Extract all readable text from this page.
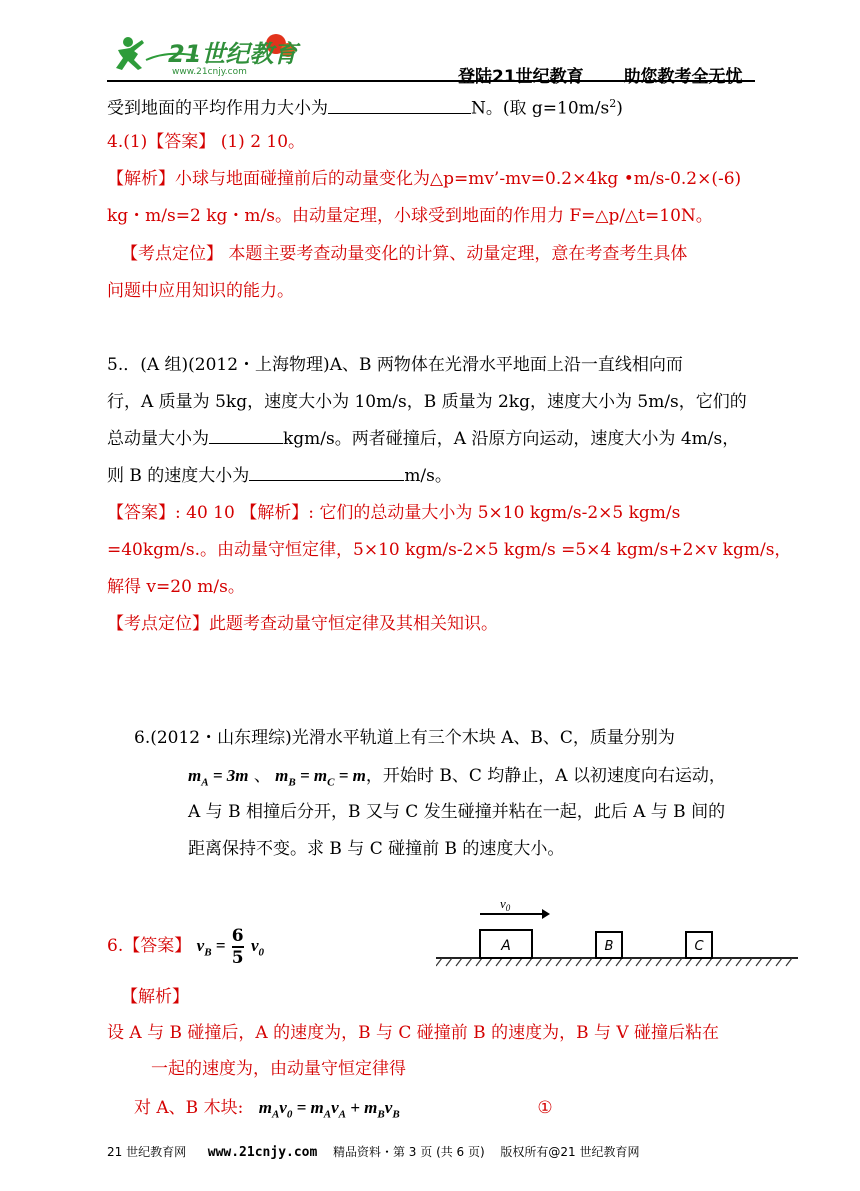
21世纪教育
www.21cnjy.com	登陆21世纪教育 助您教考全无忧
受到地面的平均作用力大小为	N。(取 $g=10m/s^2$)
4.(1)【答案】 (1) 2 10。
【解析】小球与地面碰撞前后的动量变化为△p=mv’-mv=0.2×4kg •m/s-0.2×(-6)
kg・m/s=2 kg・m/s。由动量定理，小球受到地面的作用力 F=△p/△t=10N。
【考点定位】 本题主要考查动量变化的计算、动量定理，意在考查考生具体
问题中应用知识的能力。
5.．(A 组)(2012・上海物理)A、B 两物体在光滑水平地面上沿一直线相向而
行，A 质量为 5kg，速度大小为 10m/s，B 质量为 2kg，速度大小为 5m/s，它们的
总动量大小为	kgm/s。两者碰撞后，A 沿原方向运动，速度大小为 4m/s，
则 B 的速度大小为	m/s。
【答案】: 40 10 【解析】: 它们的总动量大小为 5×10 kgm/s-2×5 kgm/s
=40kgm/s.。由动量守恒定律，5×10 kgm/s-2×5 kgm/s =5×4 kgm/s+2×v kgm/s，
解得 v=20 m/s。
【考点定位】此题考查动量守恒定律及其相关知识。
6.(2012・山东理综)光滑水平轨道上有三个木块 A、B、C，质量分别为
$m_A = 3m$ 、 $m_B = m_C = m$，开始时 B、C 均静止，A 以初速度向右运动，
A 与 B 相撞后分开，B 又与 C 发生碰撞并粘在一起，此后 A 与 B 间的
距离保持不变。求 B 与 C 碰撞前 B 的速度大小。
6.【答案】 $v_B = \frac{6}{5} v_0$
$v_0$
A	B	C
【解析】
设 A 与 B 碰撞后，A 的速度为，B 与 C 碰撞前 B 的速度为，B 与 V 碰撞后粘在
一起的速度为，由动量守恒定律得
对 A、B 木块: $m_Av_0 = m_Av_A + m_Bv_B$	①
21 世纪教育网 www.21cnjy.com 精品资料・第 3 页 (共 6 页) 版权所有@21 世纪教育网
